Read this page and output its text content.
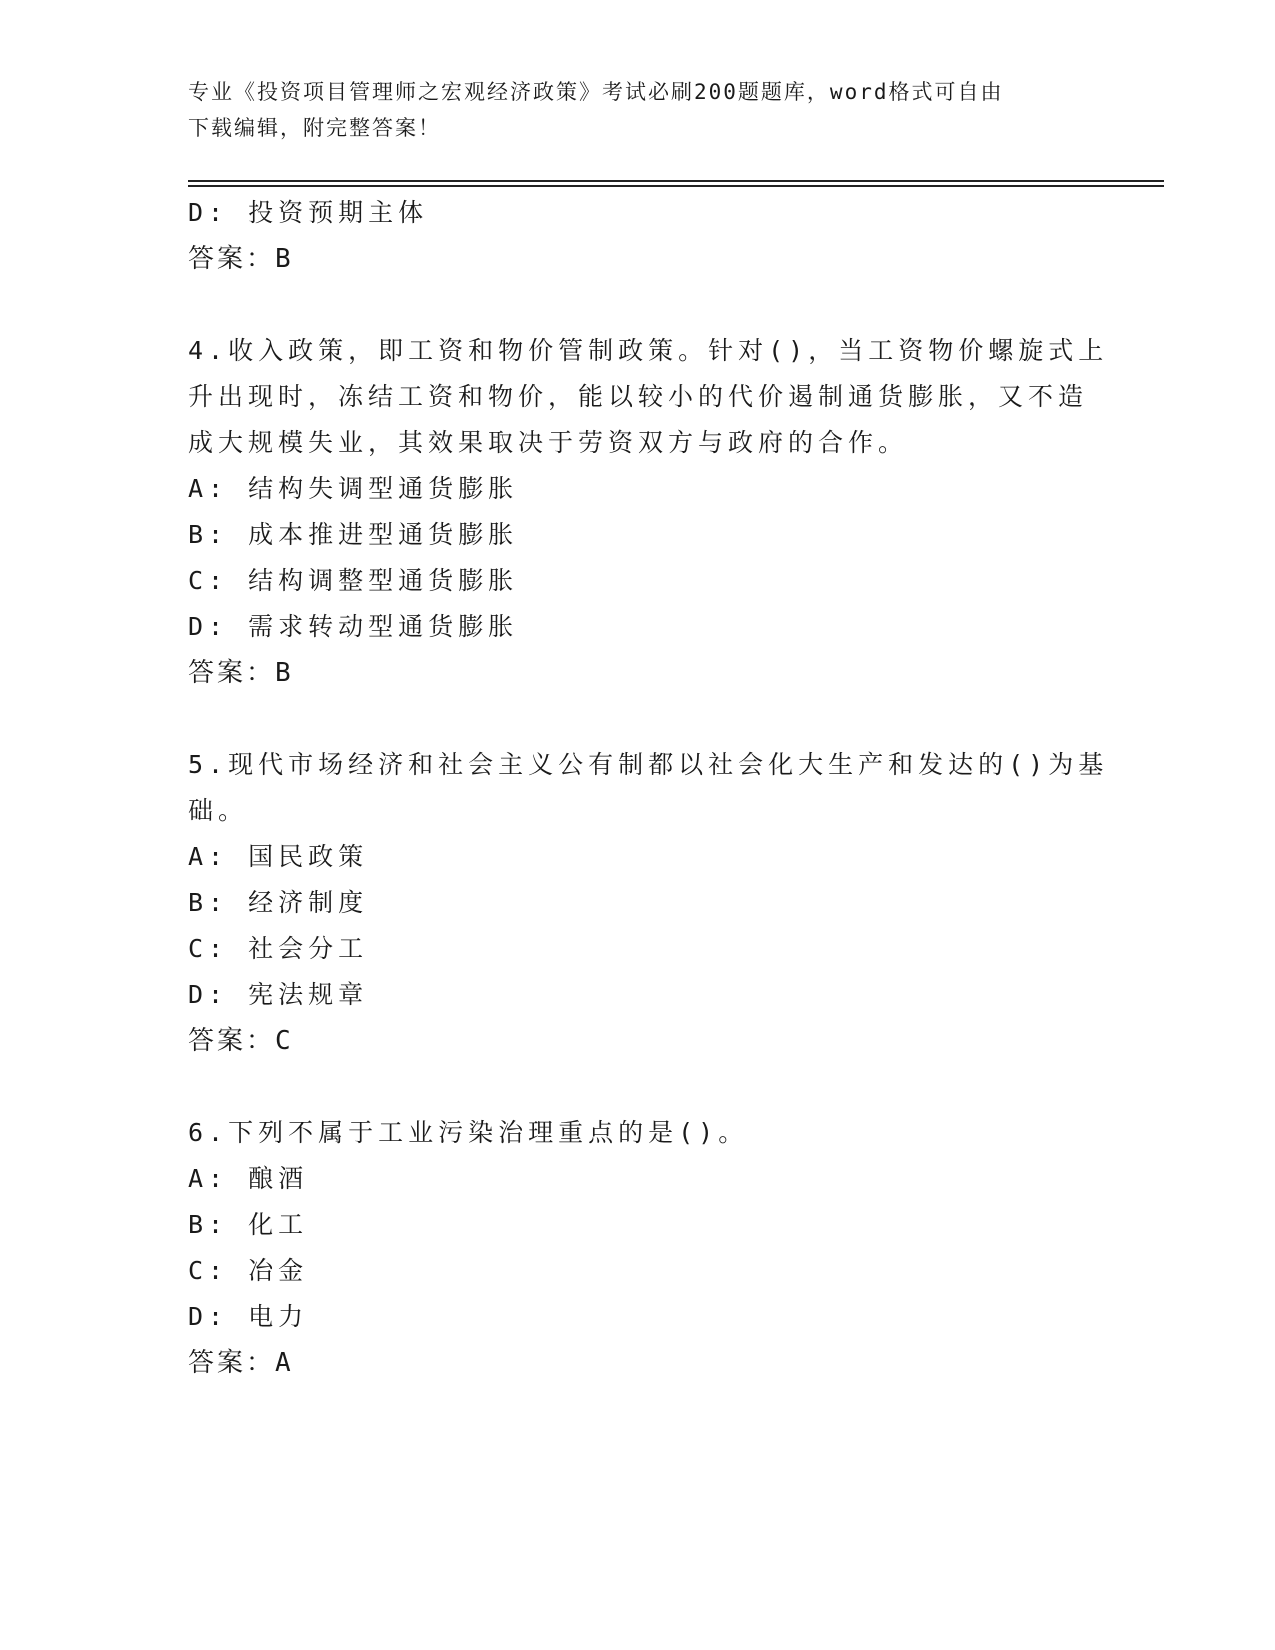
专业《投资项目管理师之宏观经济政策》考试必刷200题题库，word格式可自由
下载编辑，附完整答案！
D: 投资预期主体
答案：B
4.收入政策，即工资和物价管制政策。针对()，当工资物价螺旋式上
升出现时，冻结工资和物价，能以较小的代价遏制通货膨胀，又不造
成大规模失业，其效果取决于劳资双方与政府的合作。
A: 结构失调型通货膨胀
B: 成本推进型通货膨胀
C: 结构调整型通货膨胀
D: 需求转动型通货膨胀
答案：B
5.现代市场经济和社会主义公有制都以社会化大生产和发达的()为基
础。
A: 国民政策
B: 经济制度
C: 社会分工
D: 宪法规章
答案：C
6.下列不属于工业污染治理重点的是()。
A: 酿酒
B: 化工
C: 冶金
D: 电力
答案：A
